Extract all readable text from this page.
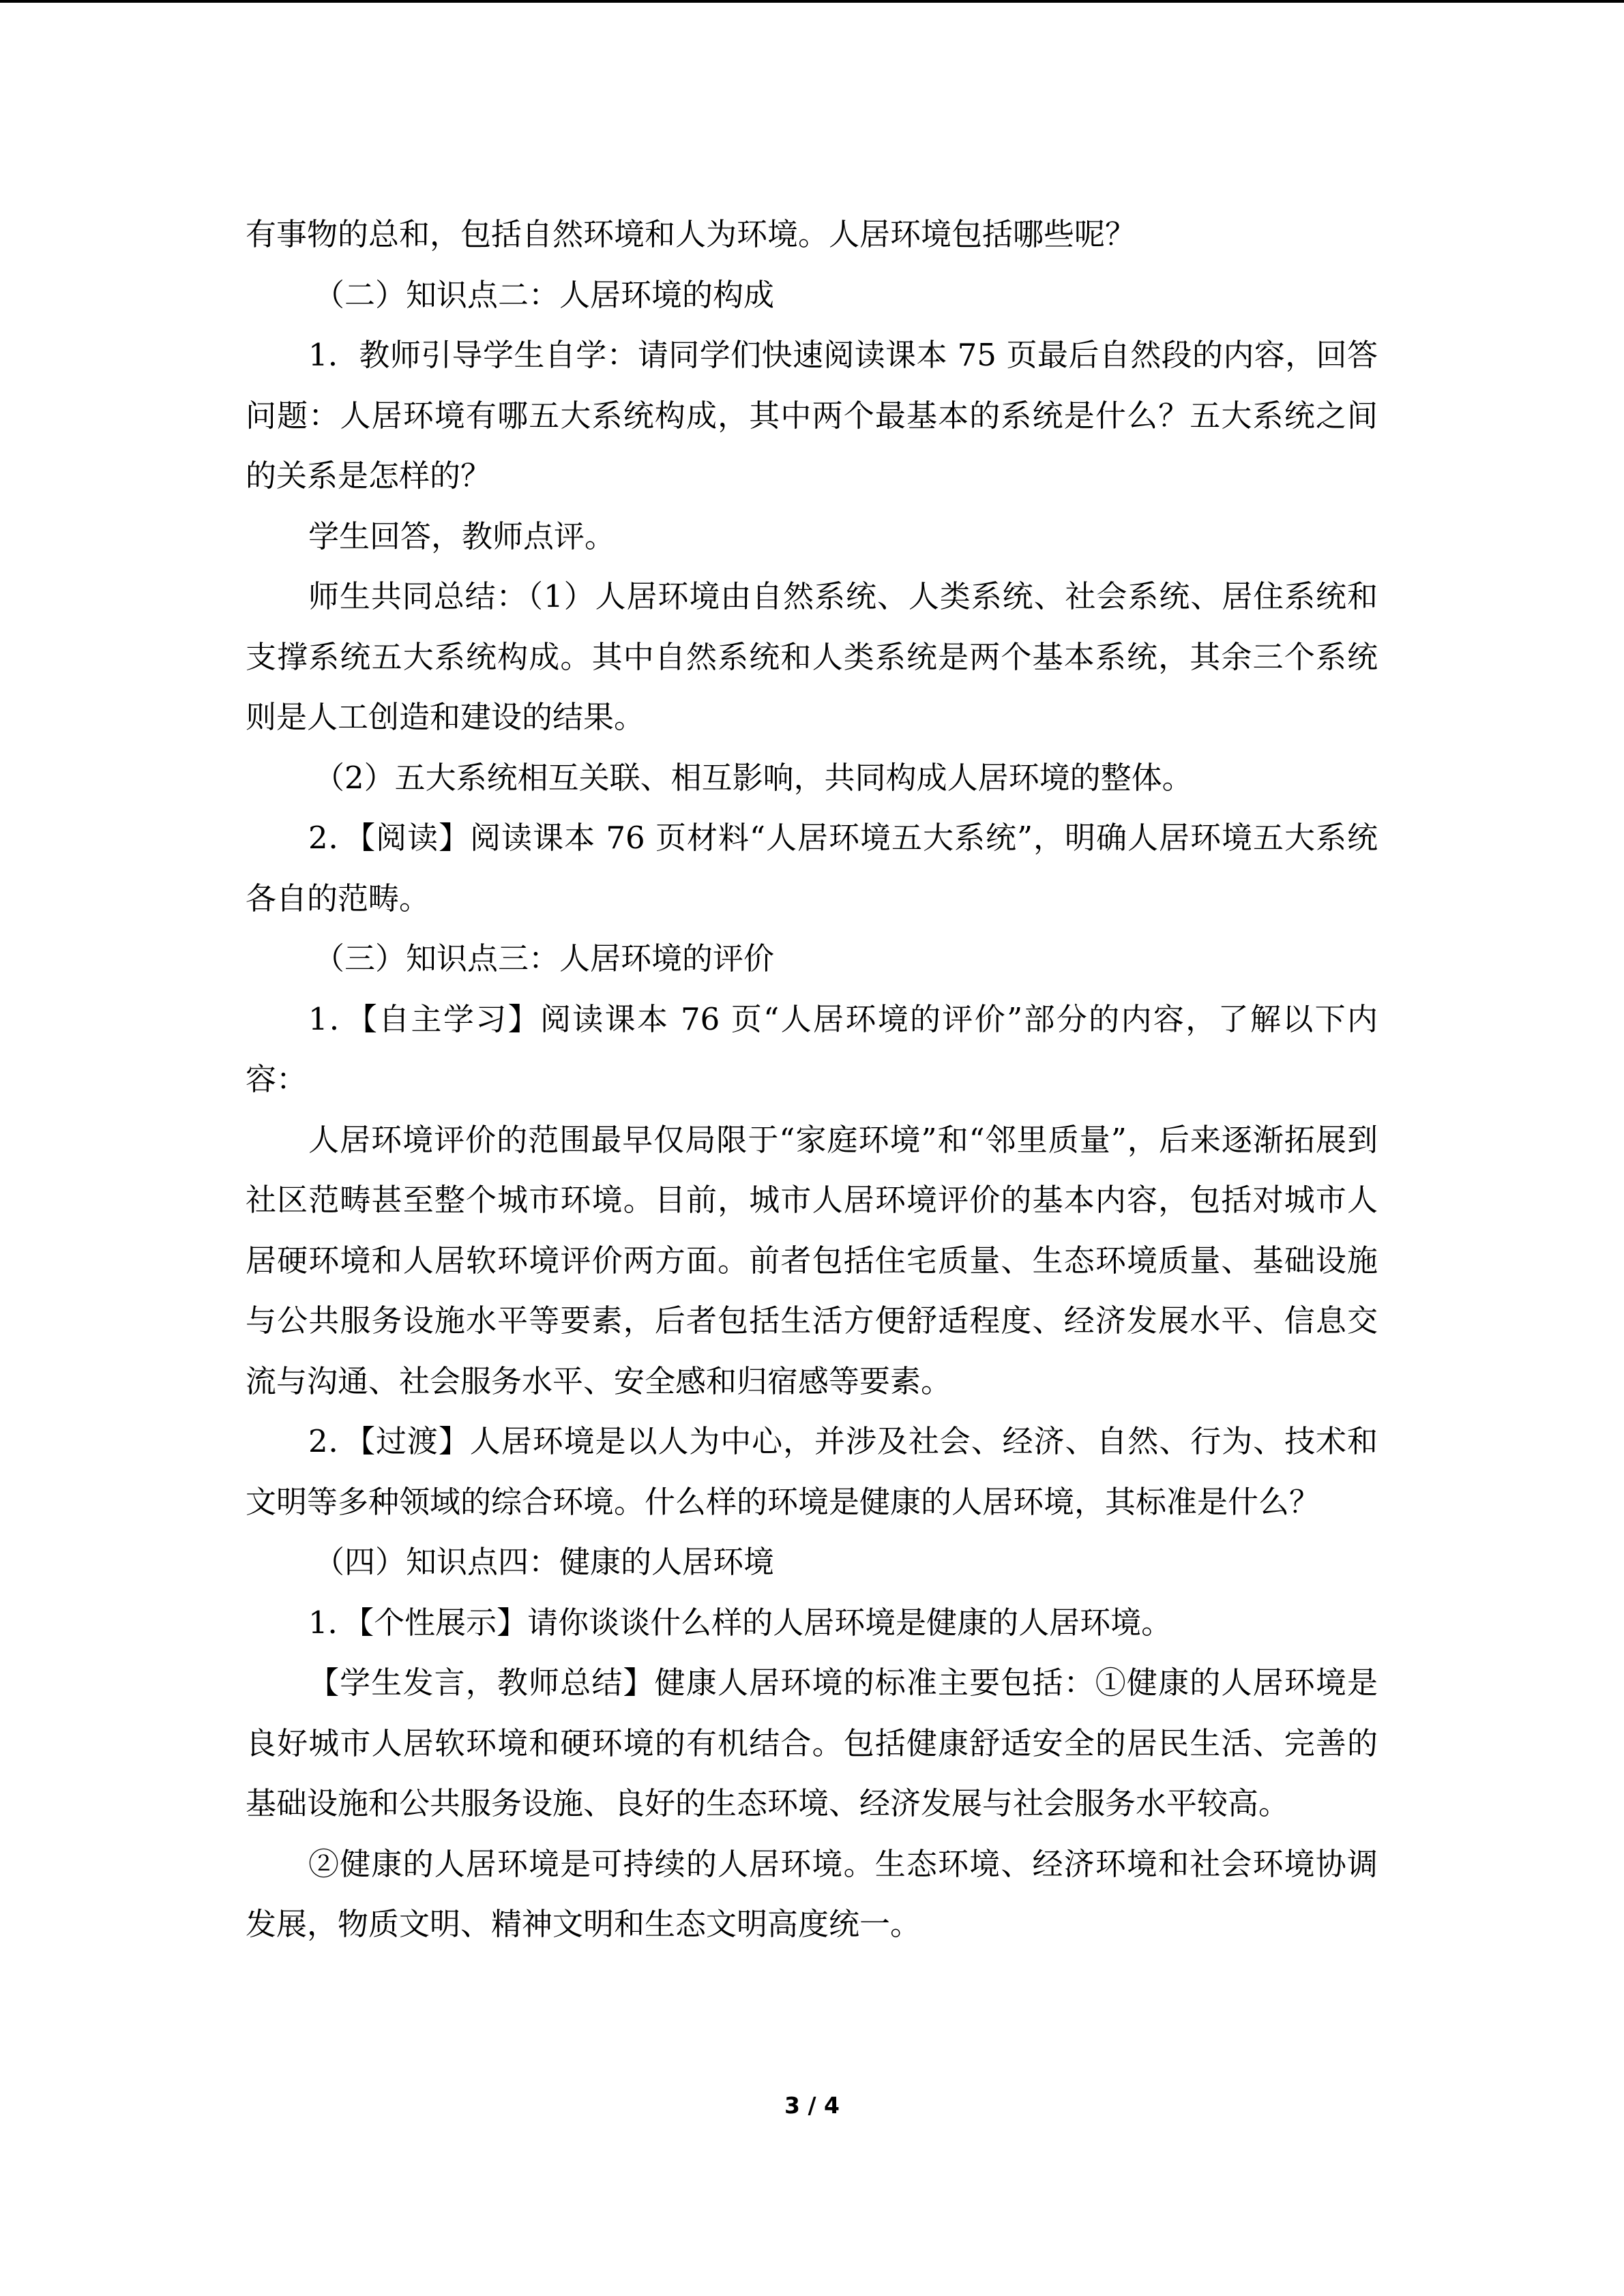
有事物的总和，包括自然环境和人为环境。人居环境包括哪些呢？

（二）知识点二：人居环境的构成

1．教师引导学生自学：请同学们快速阅读课本 75 页最后自然段的内容，回答问题：人居环境有哪五大系统构成，其中两个最基本的系统是什么？五大系统之间的关系是怎样的？

学生回答，教师点评。

师生共同总结：（1）人居环境由自然系统、人类系统、社会系统、居住系统和支撑系统五大系统构成。其中自然系统和人类系统是两个基本系统，其余三个系统则是人工创造和建设的结果。

（2）五大系统相互关联、相互影响，共同构成人居环境的整体。

2．【阅读】阅读课本 76 页材料“人居环境五大系统”，明确人居环境五大系统各自的范畴。

（三）知识点三：人居环境的评价

1．【自主学习】阅读课本 76 页“人居环境的评价”部分的内容，了解以下内容：

人居环境评价的范围最早仅局限于“家庭环境”和“邻里质量”，后来逐渐拓展到社区范畴甚至整个城市环境。目前，城市人居环境评价的基本内容，包括对城市人居硬环境和人居软环境评价两方面。前者包括住宅质量、生态环境质量、基础设施与公共服务设施水平等要素，后者包括生活方便舒适程度、经济发展水平、信息交流与沟通、社会服务水平、安全感和归宿感等要素。

2．【过渡】人居环境是以人为中心，并涉及社会、经济、自然、行为、技术和文明等多种领域的综合环境。什么样的环境是健康的人居环境，其标准是什么？

（四）知识点四：健康的人居环境

1．【个性展示】请你谈谈什么样的人居环境是健康的人居环境。

【学生发言，教师总结】健康人居环境的标准主要包括：①健康的人居环境是良好城市人居软环境和硬环境的有机结合。包括健康舒适安全的居民生活、完善的基础设施和公共服务设施、良好的生态环境、经济发展与社会服务水平较高。

②健康的人居环境是可持续的人居环境。生态环境、经济环境和社会环境协调发展，物质文明、精神文明和生态文明高度统一。

3 / 4
